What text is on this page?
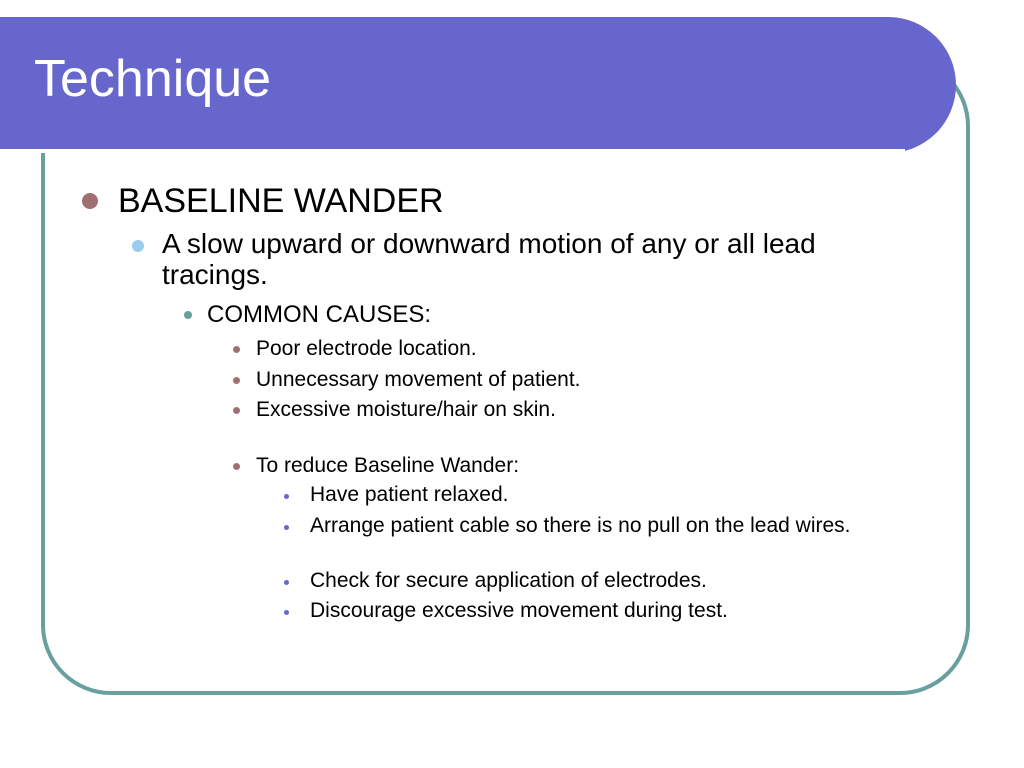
Technique
BASELINE WANDER
A slow upward or downward motion of any or all lead tracings.
COMMON CAUSES:
Poor electrode location.
Unnecessary movement of patient.
Excessive moisture/hair on skin.
To reduce Baseline Wander:
Have patient relaxed.
Arrange patient cable so there is no pull on the lead wires.
Check for secure application of electrodes.
Discourage excessive movement during test.
